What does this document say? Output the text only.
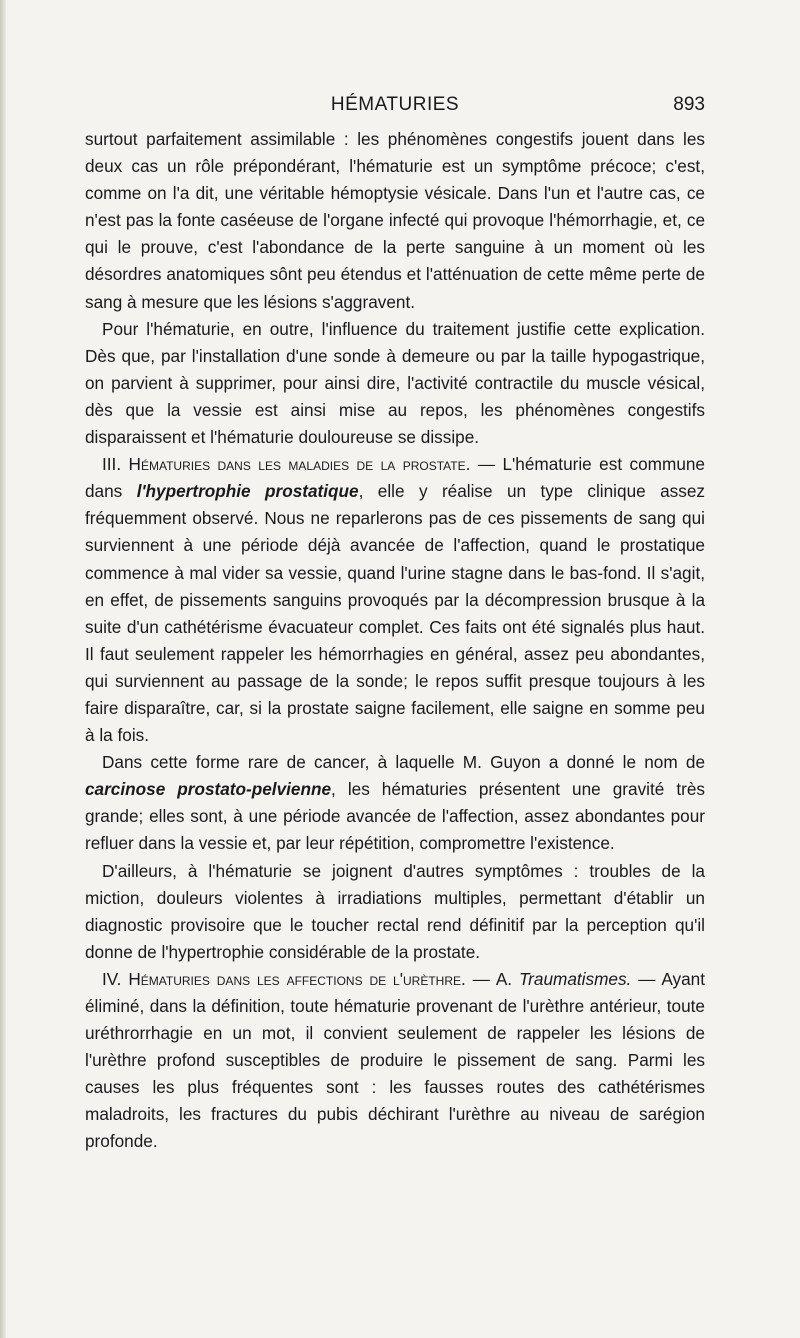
HÉMATURIES	893

surtout parfaitement assimilable : les phénomènes congestifs jouent dans les deux cas un rôle prépondérant, l'hématurie est un symptôme précoce; c'est, comme on l'a dit, une véritable hémoptysie vésicale. Dans l'un et l'autre cas, ce n'est pas la fonte caséeuse de l'organe infecté qui provoque l'hémorrhagie, et, ce qui le prouve, c'est l'abondance de la perte sanguine à un moment où les désordres anatomiques sônt peu étendus et l'atténuation de cette même perte de sang à mesure que les lésions s'aggravent.

Pour l'hématurie, en outre, l'influence du traitement justifie cette explication. Dès que, par l'installation d'une sonde à demeure ou par la taille hypogastrique, on parvient à supprimer, pour ainsi dire, l'activité contractile du muscle vésical, dès que la vessie est ainsi mise au repos, les phénomènes congestifs disparaissent et l'hématurie douloureuse se dissipe.

III. Hématuries dans les maladies de la prostate. — L'hématurie est commune dans l'hypertrophie prostatique, elle y réalise un type clinique assez fréquemment observé. Nous ne reparlerons pas de ces pissements de sang qui surviennent à une période déjà avancée de l'affection, quand le prostatique commence à mal vider sa vessie, quand l'urine stagne dans le bas-fond. Il s'agit, en effet, de pissements sanguins provoqués par la décompression brusque à la suite d'un cathétérisme évacuateur complet. Ces faits ont été signalés plus haut. Il faut seulement rappeler les hémorrhagies en général, assez peu abondantes, qui surviennent au passage de la sonde; le repos suffit presque toujours à les faire disparaître, car, si la prostate saigne facilement, elle saigne en somme peu à la fois.

Dans cette forme rare de cancer, à laquelle M. Guyon a donné le nom de carcinose prostato-pelvienne, les hématuries présentent une gravité très grande; elles sont, à une période avancée de l'affection, assez abondantes pour refluer dans la vessie et, par leur répétition, compromettre l'existence.

D'ailleurs, à l'hématurie se joignent d'autres symptômes : troubles de la miction, douleurs violentes à irradiations multiples, permettant d'établir un diagnostic provisoire que le toucher rectal rend définitif par la perception qu'il donne de l'hypertrophie considérable de la prostate.

IV. Hématuries dans les affections de l'urèthre. — A. Traumatismes. — Ayant éliminé, dans la définition, toute hématurie provenant de l'urèthre antérieur, toute uréthrorrhagie en un mot, il convient seulement de rappeler les lésions de l'urèthre profond susceptibles de produire le pissement de sang. Parmi les causes les plus fréquentes sont : les fausses routes des cathétérismes maladroits, les fractures du pubis déchirant l'urèthre au niveau de sarégion profonde.
